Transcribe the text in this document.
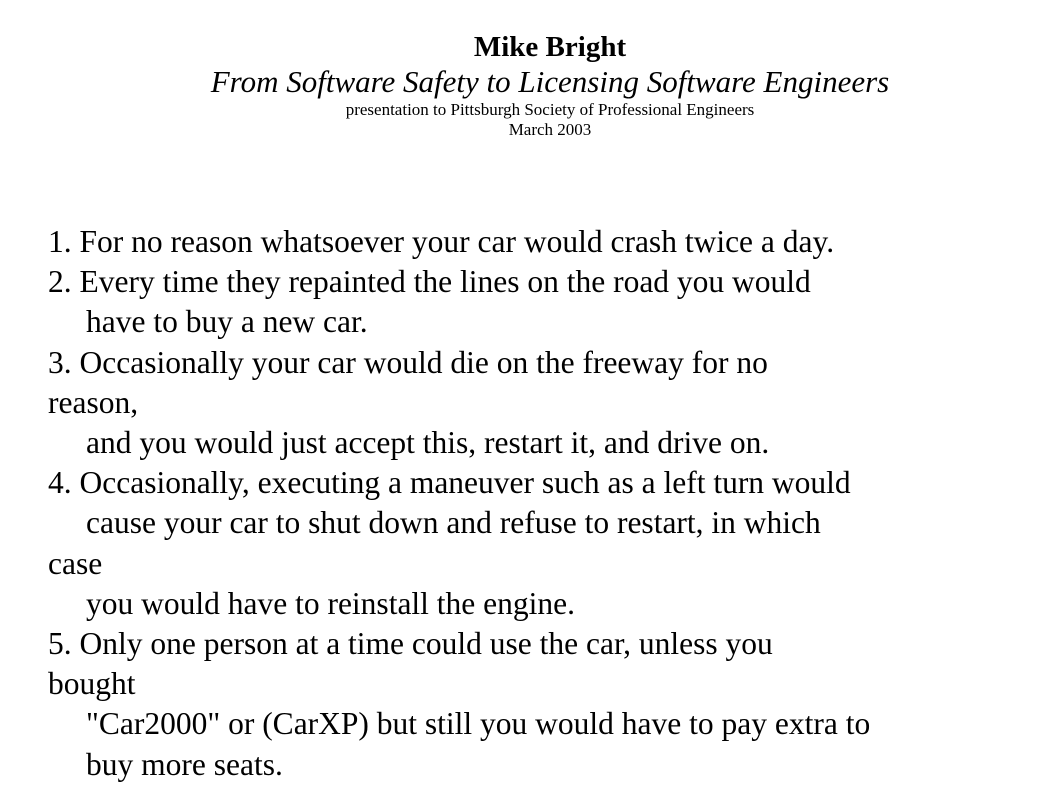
Mike Bright
From Software Safety to Licensing Software Engineers
presentation to Pittsburgh Society of Professional Engineers
March 2003
1. For no reason whatsoever your car would crash twice a day.
2. Every time they repainted the lines on the road you would
have to buy a new car.
3. Occasionally your car would die on the freeway for no
reason,
and you would just accept this, restart it, and drive on.
4. Occasionally, executing a maneuver such as a left turn would
cause your car to shut down and refuse to restart, in which
case
you would have to reinstall the engine.
5. Only one person at a time could use the car, unless you
bought
"Car2000" or (CarXP) but still you would have to pay extra to
buy more seats.
